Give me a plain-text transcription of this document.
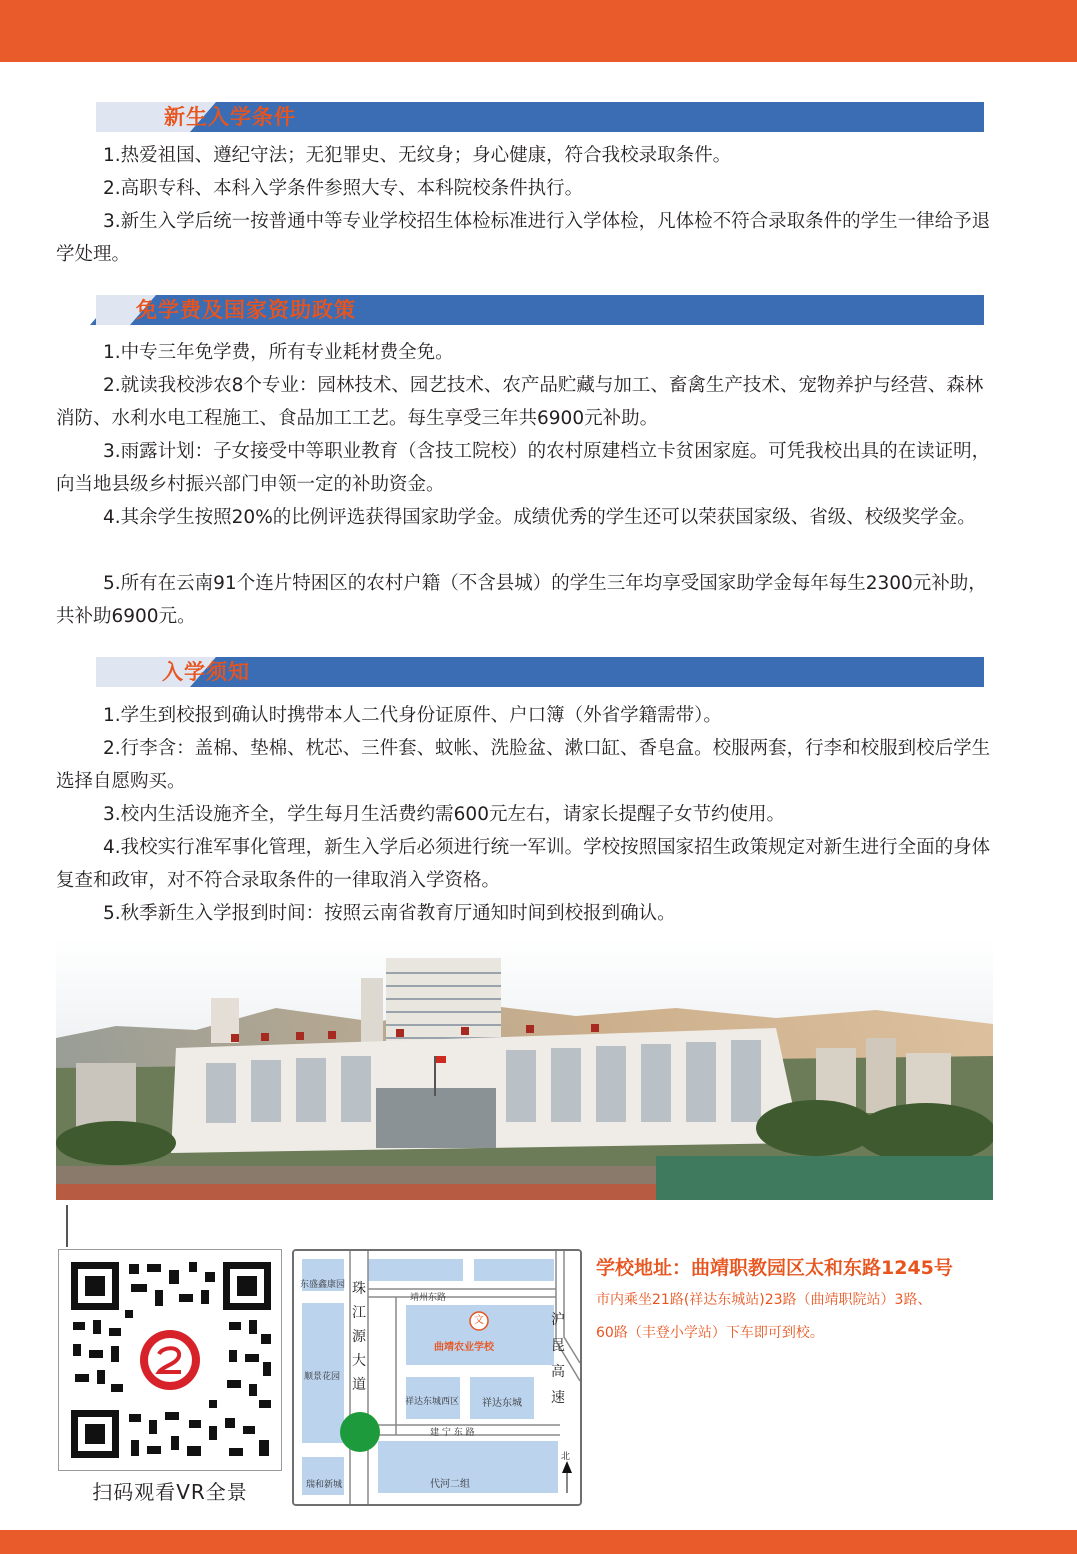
新生入学条件

1.热爱祖国、遵纪守法；无犯罪史、无纹身；身心健康，符合我校录取条件。

2.高职专科、本科入学条件参照大专、本科院校条件执行。

3.新生入学后统一按普通中等专业学校招生体检标准进行入学体检，凡体检不符合录取条件的学生一律给予退学处理。

免学费及国家资助政策

1.中专三年免学费，所有专业耗材费全免。

2.就读我校涉农8个专业：园林技术、园艺技术、农产品贮藏与加工、畜禽生产技术、宠物养护与经营、森林消防、水利水电工程施工、食品加工工艺。每生享受三年共6900元补助。

3.雨露计划：子女接受中等职业教育（含技工院校）的农村原建档立卡贫困家庭。可凭我校出具的在读证明，向当地县级乡村振兴部门申领一定的补助资金。

4.其余学生按照20%的比例评选获得国家助学金。成绩优秀的学生还可以荣获国家级、省级、校级奖学金。

5.所有在云南91个连片特困区的农村户籍（不含县城）的学生三年均享受国家助学金每年每生2300元补助，共补助6900元。

入学须知

1.学生到校报到确认时携带本人二代身份证原件、户口簿（外省学籍需带）。

2.行李含：盖棉、垫棉、枕芯、三件套、蚊帐、洗脸盆、漱口缸、香皂盒。校服两套，行李和校服到校后学生选择自愿购买。

3.校内生活设施齐全，学生每月生活费约需600元左右，请家长提醒子女节约使用。

4.我校实行准军事化管理，新生入学后必须进行统一军训。学校按照国家招生政策规定对新生进行全面的身体复查和政审，对不符合录取条件的一律取消入学资格。

5.秋季新生入学报到时间：按照云南省教育厅通知时间到校报到确认。

扫码观看VR全景
东盛鑫康园
靖州东路
珠
江
源
大
道
文
曲靖农业学校
顺景花园
祥达东城西区 祥达东城
建 宁 东 路
代河二组
瑞和新城
沪
昆
高
速
北
学校地址：曲靖职教园区太和东路1245号
市内乘坐21路(祥达东城站)23路（曲靖职院站）3路、
60路（丰登小学站）下车即可到校。
